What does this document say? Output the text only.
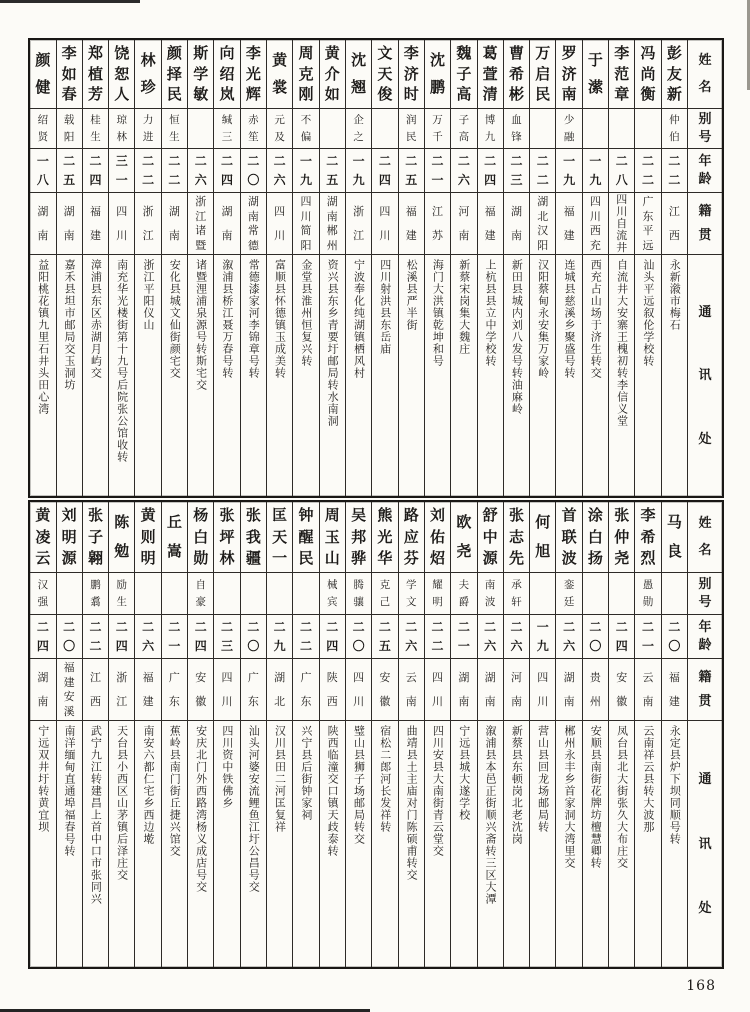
姓
名
别
号
年
龄
籍
贯
通
讯
处
彭
友
新
仲
伯
二
二
江
西
永新潊市梅石
冯
尚
衡
二
二
广
东
平
远
汕头平远叙伦学校转
李
范
章
二
八
四
川
自
流
井
自流井大安寨王槐初转李信义堂
于
潆
一
九
四
川
西
充
西充占山场于济生转交
罗
济
南
少
融
一
九
福
建
连城县慈溪乡聚盛号转
万
启
民
二
二
湖
北
汉
阳
汉阳蔡甸永安集万家岭
曹
希
彬
血
锋
二
三
湖
南
新田县城内刘八发号转油麻岭
葛
萱
清
博
九
二
四
福
建
上杭县县立中学校转
魏
子
高
子
高
二
六
河
南
新蔡宋岗集大魏庄
沈
鹏
万
千
二
一
江
苏
海门大洪镇乾坤和号
李
济
时
润
民
二
五
福
建
松溪县严半街
文
天
俊
二
四
四
川
四川射洪县东岳庙
沈
翘
企
之
一
九
浙
江
宁波奉化纯湖镇栖风村
黄
介
如
二
五
湖
南
郴
州
资兴县东乡青要圩邮局转水南洞
周
克
刚
不
偏
一
九
四
川
简
阳
金堂县淮州恒复兴转
黄
裳
元
及
二
六
四
川
富顺县怀德镇玉成美转
李
光
辉
赤
笙
二
〇
湖
南
常
德
常德漆家河李锦章号转
向
绍
岚
缄
三
二
四
湖
南
溆浦县桥江聂万春号转
斯
学
敏
二
六
浙
江
诸
暨
诸暨浬浦泉源号转斯宅交
颜
择
民
恒
生
二
二
湖
南
安化县城文仙街颜宅交
林
珍
力
进
二
二
浙
江
浙江平阳仪山
饶
恕
人
琼
林
三
一
四
川
南充华光楼街第十九号后院张公馆收转
郑
植
芳
桂
生
二
四
福
建
漳浦县东区赤湖月屿交
李
如
春
载
阳
二
五
湖
南
嘉禾县坦市邮局交玉洞坊
颜
健
绍
贤
一
八
湖
南
益阳桃花镇九里石井头田心湾
姓
名
别
号
年
龄
籍
贯
通
讯
处
马
良
二
〇
福
建
永定县炉下坝同顺号转
李
希
烈
愚
勋
二
一
云
南
云南祥云县转大波那
张
仲
尧
二
四
安
徽
凤台县北大街张久大布庄交
涂
白
扬
二
〇
贵
州
安顺县南街花牌坊檀慧卿转
首
联
波
銮
廷
二
六
湖
南
郴州永丰乡首家洞大湾里交
何
旭
一
九
四
川
营山县回龙场邮局转
张
志
先
承
轩
二
六
河
南
新蔡县东顿岗北老沈岗
舒
中
源
南
波
二
六
湖
南
溆浦县本邑正街顺兴斋转三区大潭
欧
尧
夫
爵
二
一
湖
南
宁远县城大遂学校
刘
佑
炤
耀
明
二
二
四
川
四川安县大南街青云堂交
路
应
芬
学
文
二
六
云
南
曲靖县土主庙对门陈硕甫转交
熊
光
华
克
己
二
五
安
徽
宿松二郎河长发祥转
吴
邦
骅
腾
骧
二
〇
四
川
璧山县狮子场邮局转交
周
玉
山
械
宾
二
四
陕
西
陕西临潼交口镇天歧泰转
钟
醒
民
二
二
广
东
兴宁县后街钟家祠
匡
天
一
二
九
湖
北
汉川县田二河匡复祥
张
我
疆
二
〇
广
东
汕头河婆安流鲤鱼江圩公昌号交
张
坪
林
二
三
四
川
四川资中铁佛乡
杨
白
勋
自
豪
二
四
安
徽
安庆北门外西路湾杨义成店号交
丘
嵩
二
一
广
东
蕉岭县南门街丘捷兴馆交
黄
则
明
二
六
福
建
南安六都仁宅乡西边墘
陈
勉
励
生
二
四
浙
江
天台县小西区山茅镇后泽庄交
张
子
翱
鹏
翥
二
二
江
西
武宁九江转建昌上首中口市张同兴
刘
明
源
二
〇
福
建
安
溪
南洋缅甸直通埠福春号转
黄
凌
云
汉
强
二
四
湖
南
宁远双井圩转黄宜坝
168
